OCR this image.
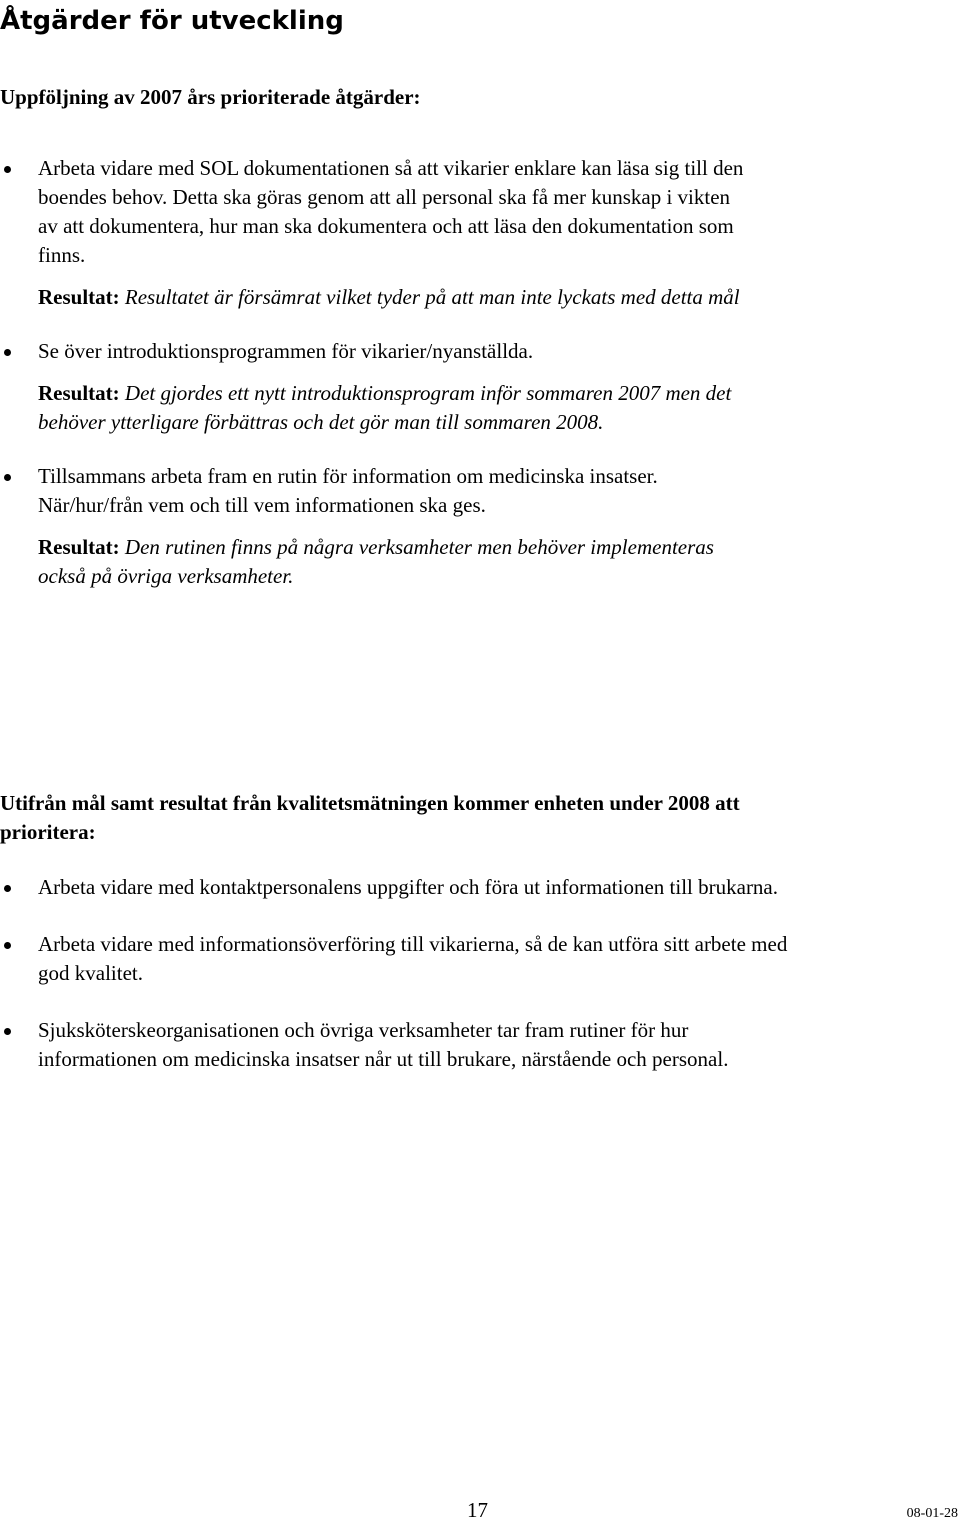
Åtgärder för utveckling
Uppföljning av 2007 års prioriterade åtgärder:
Arbeta vidare med SOL dokumentationen så att vikarier enklare kan läsa sig till den boendes behov. Detta ska göras genom att all personal ska få mer kunskap i vikten av att dokumentera, hur man ska dokumentera och att läsa den dokumentation som finns.
Resultat: Resultatet är försämrat vilket tyder på att man inte lyckats med detta mål
Se över introduktionsprogrammen för vikarier/nyanställda.
Resultat: Det gjordes ett nytt introduktionsprogram inför sommaren 2007 men det behöver ytterligare förbättras och det gör man till sommaren 2008.
Tillsammans arbeta fram en rutin för information om medicinska insatser. När/hur/från vem och till vem informationen ska ges.
Resultat: Den rutinen finns på några verksamheter men behöver implementeras också på övriga verksamheter.
Utifrån mål samt resultat från kvalitetsmätningen kommer enheten under 2008 att prioritera:
Arbeta vidare med kontaktpersonalens uppgifter och föra ut informationen till brukarna.
Arbeta vidare med informationsöverföring till vikarierna, så de kan utföra sitt arbete med god kvalitet.
Sjuksköterskeorganisationen och övriga verksamheter tar fram rutiner för hur informationen om medicinska insatser når ut till brukare, närstående och personal.
17	08-01-28
